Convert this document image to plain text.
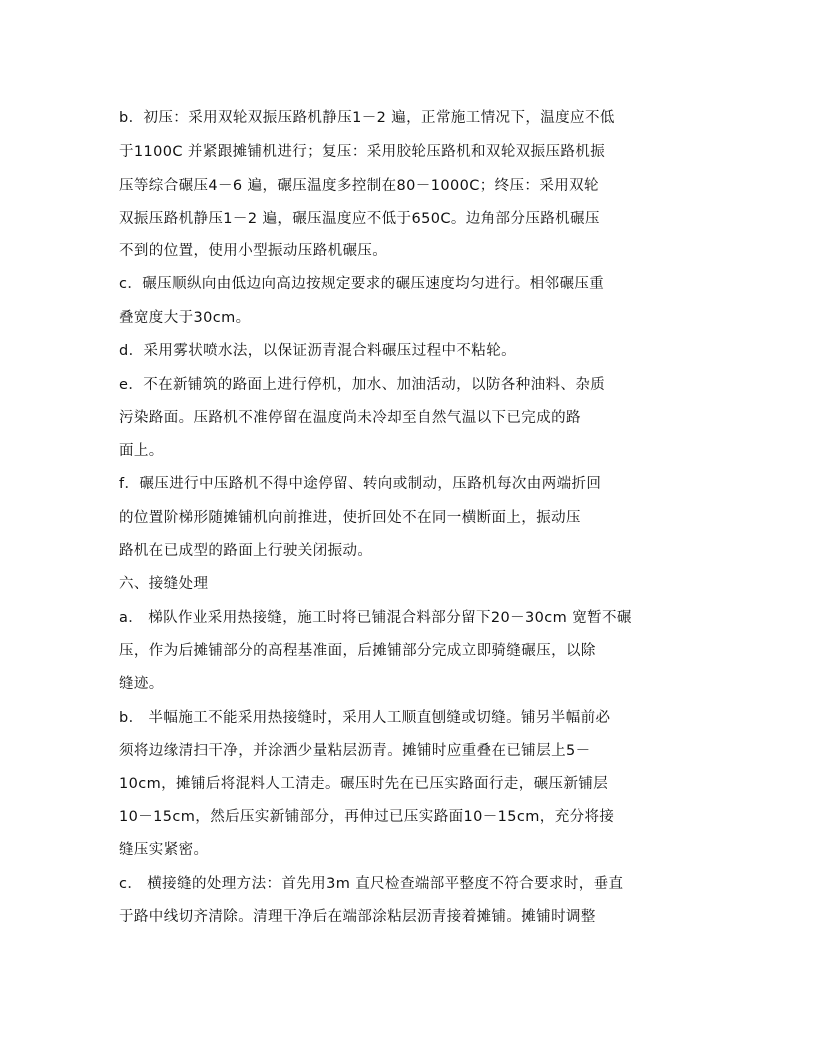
b．初压：采用双轮双振压路机静压1－2 遍，正常施工情况下，温度应不低
于1100C 并紧跟摊铺机进行；复压：采用胶轮压路机和双轮双振压路机振
压等综合碾压4－6 遍，碾压温度多控制在80－1000C；终压：采用双轮
双振压路机静压1－2 遍，碾压温度应不低于650C。边角部分压路机碾压
不到的位置，使用小型振动压路机碾压。
c．碾压顺纵向由低边向高边按规定要求的碾压速度均匀进行。相邻碾压重
叠宽度大于30cm。
d．采用雾状喷水法，以保证沥青混合料碾压过程中不粘轮。
e．不在新铺筑的路面上进行停机，加水、加油活动，以防各种油料、杂质
污染路面。压路机不准停留在温度尚未冷却至自然气温以下已完成的路
面上。
f．碾压进行中压路机不得中途停留、转向或制动，压路机每次由两端折回
的位置阶梯形随摊铺机向前推进，使折回处不在同一横断面上，振动压
路机在已成型的路面上行驶关闭振动。
六、接缝处理
a． 梯队作业采用热接缝，施工时将已铺混合料部分留下20－30cm 宽暂不碾
压，作为后摊铺部分的高程基准面，后摊铺部分完成立即骑缝碾压，以除
缝迹。
b． 半幅施工不能采用热接缝时，采用人工顺直刨缝或切缝。铺另半幅前必
须将边缘清扫干净，并涂洒少量粘层沥青。摊铺时应重叠在已铺层上5－
10cm，摊铺后将混料人工清走。碾压时先在已压实路面行走，碾压新铺层
10－15cm，然后压实新铺部分，再伸过已压实路面10－15cm，充分将接
缝压实紧密。
c． 横接缝的处理方法：首先用3m 直尺检查端部平整度不符合要求时，垂直
于路中线切齐清除。清理干净后在端部涂粘层沥青接着摊铺。摊铺时调整
